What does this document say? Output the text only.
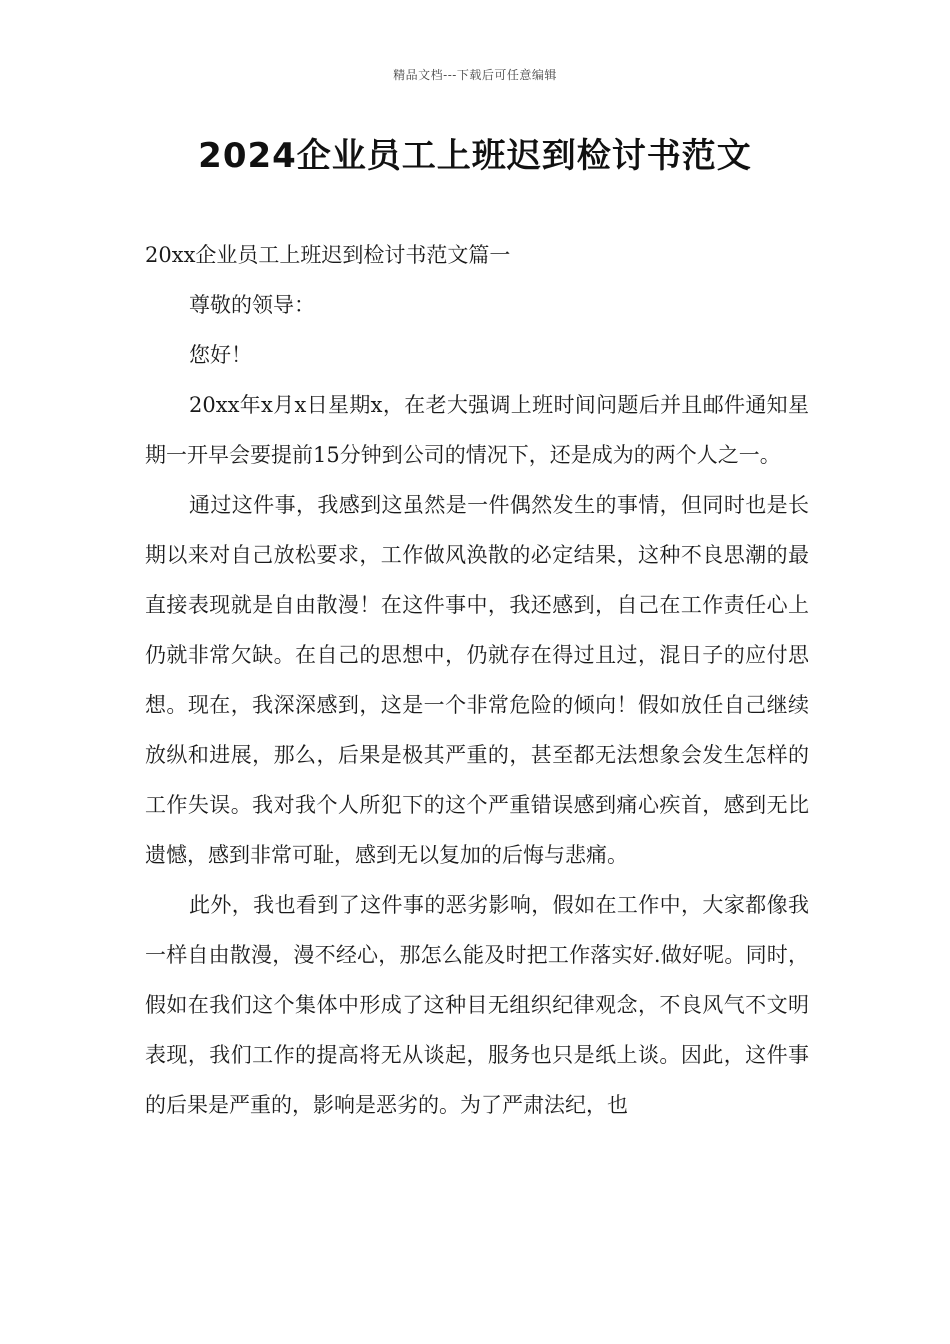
精品文档---下载后可任意编辑
2024企业员工上班迟到检讨书范文

20xx企业员工上班迟到检讨书范文篇一

尊敬的领导：

您好！

20xx年x月x日星期x，在老大强调上班时间问题后并且邮件通知星期一开早会要提前15分钟到公司的情况下，还是成为的两个人之一。

通过这件事，我感到这虽然是一件偶然发生的事情，但同时也是长期以来对自己放松要求，工作做风涣散的必定结果，这种不良思潮的最直接表现就是自由散漫！在这件事中，我还感到，自己在工作责任心上仍就非常欠缺。在自己的思想中，仍就存在得过且过，混日子的应付思想。现在，我深深感到，这是一个非常危险的倾向！假如放任自己继续放纵和进展，那么，后果是极其严重的，甚至都无法想象会发生怎样的工作失误。我对我个人所犯下的这个严重错误感到痛心疾首，感到无比遗憾，感到非常可耻，感到无以复加的后悔与悲痛。

此外，我也看到了这件事的恶劣影响，假如在工作中，大家都像我一样自由散漫，漫不经心，那怎么能及时把工作落实好.做好呢。同时，假如在我们这个集体中形成了这种目无组织纪律观念，不良风气不文明表现，我们工作的提高将无从谈起，服务也只是纸上谈。因此，这件事的后果是严重的，影响是恶劣的。为了严肃法纪，也
